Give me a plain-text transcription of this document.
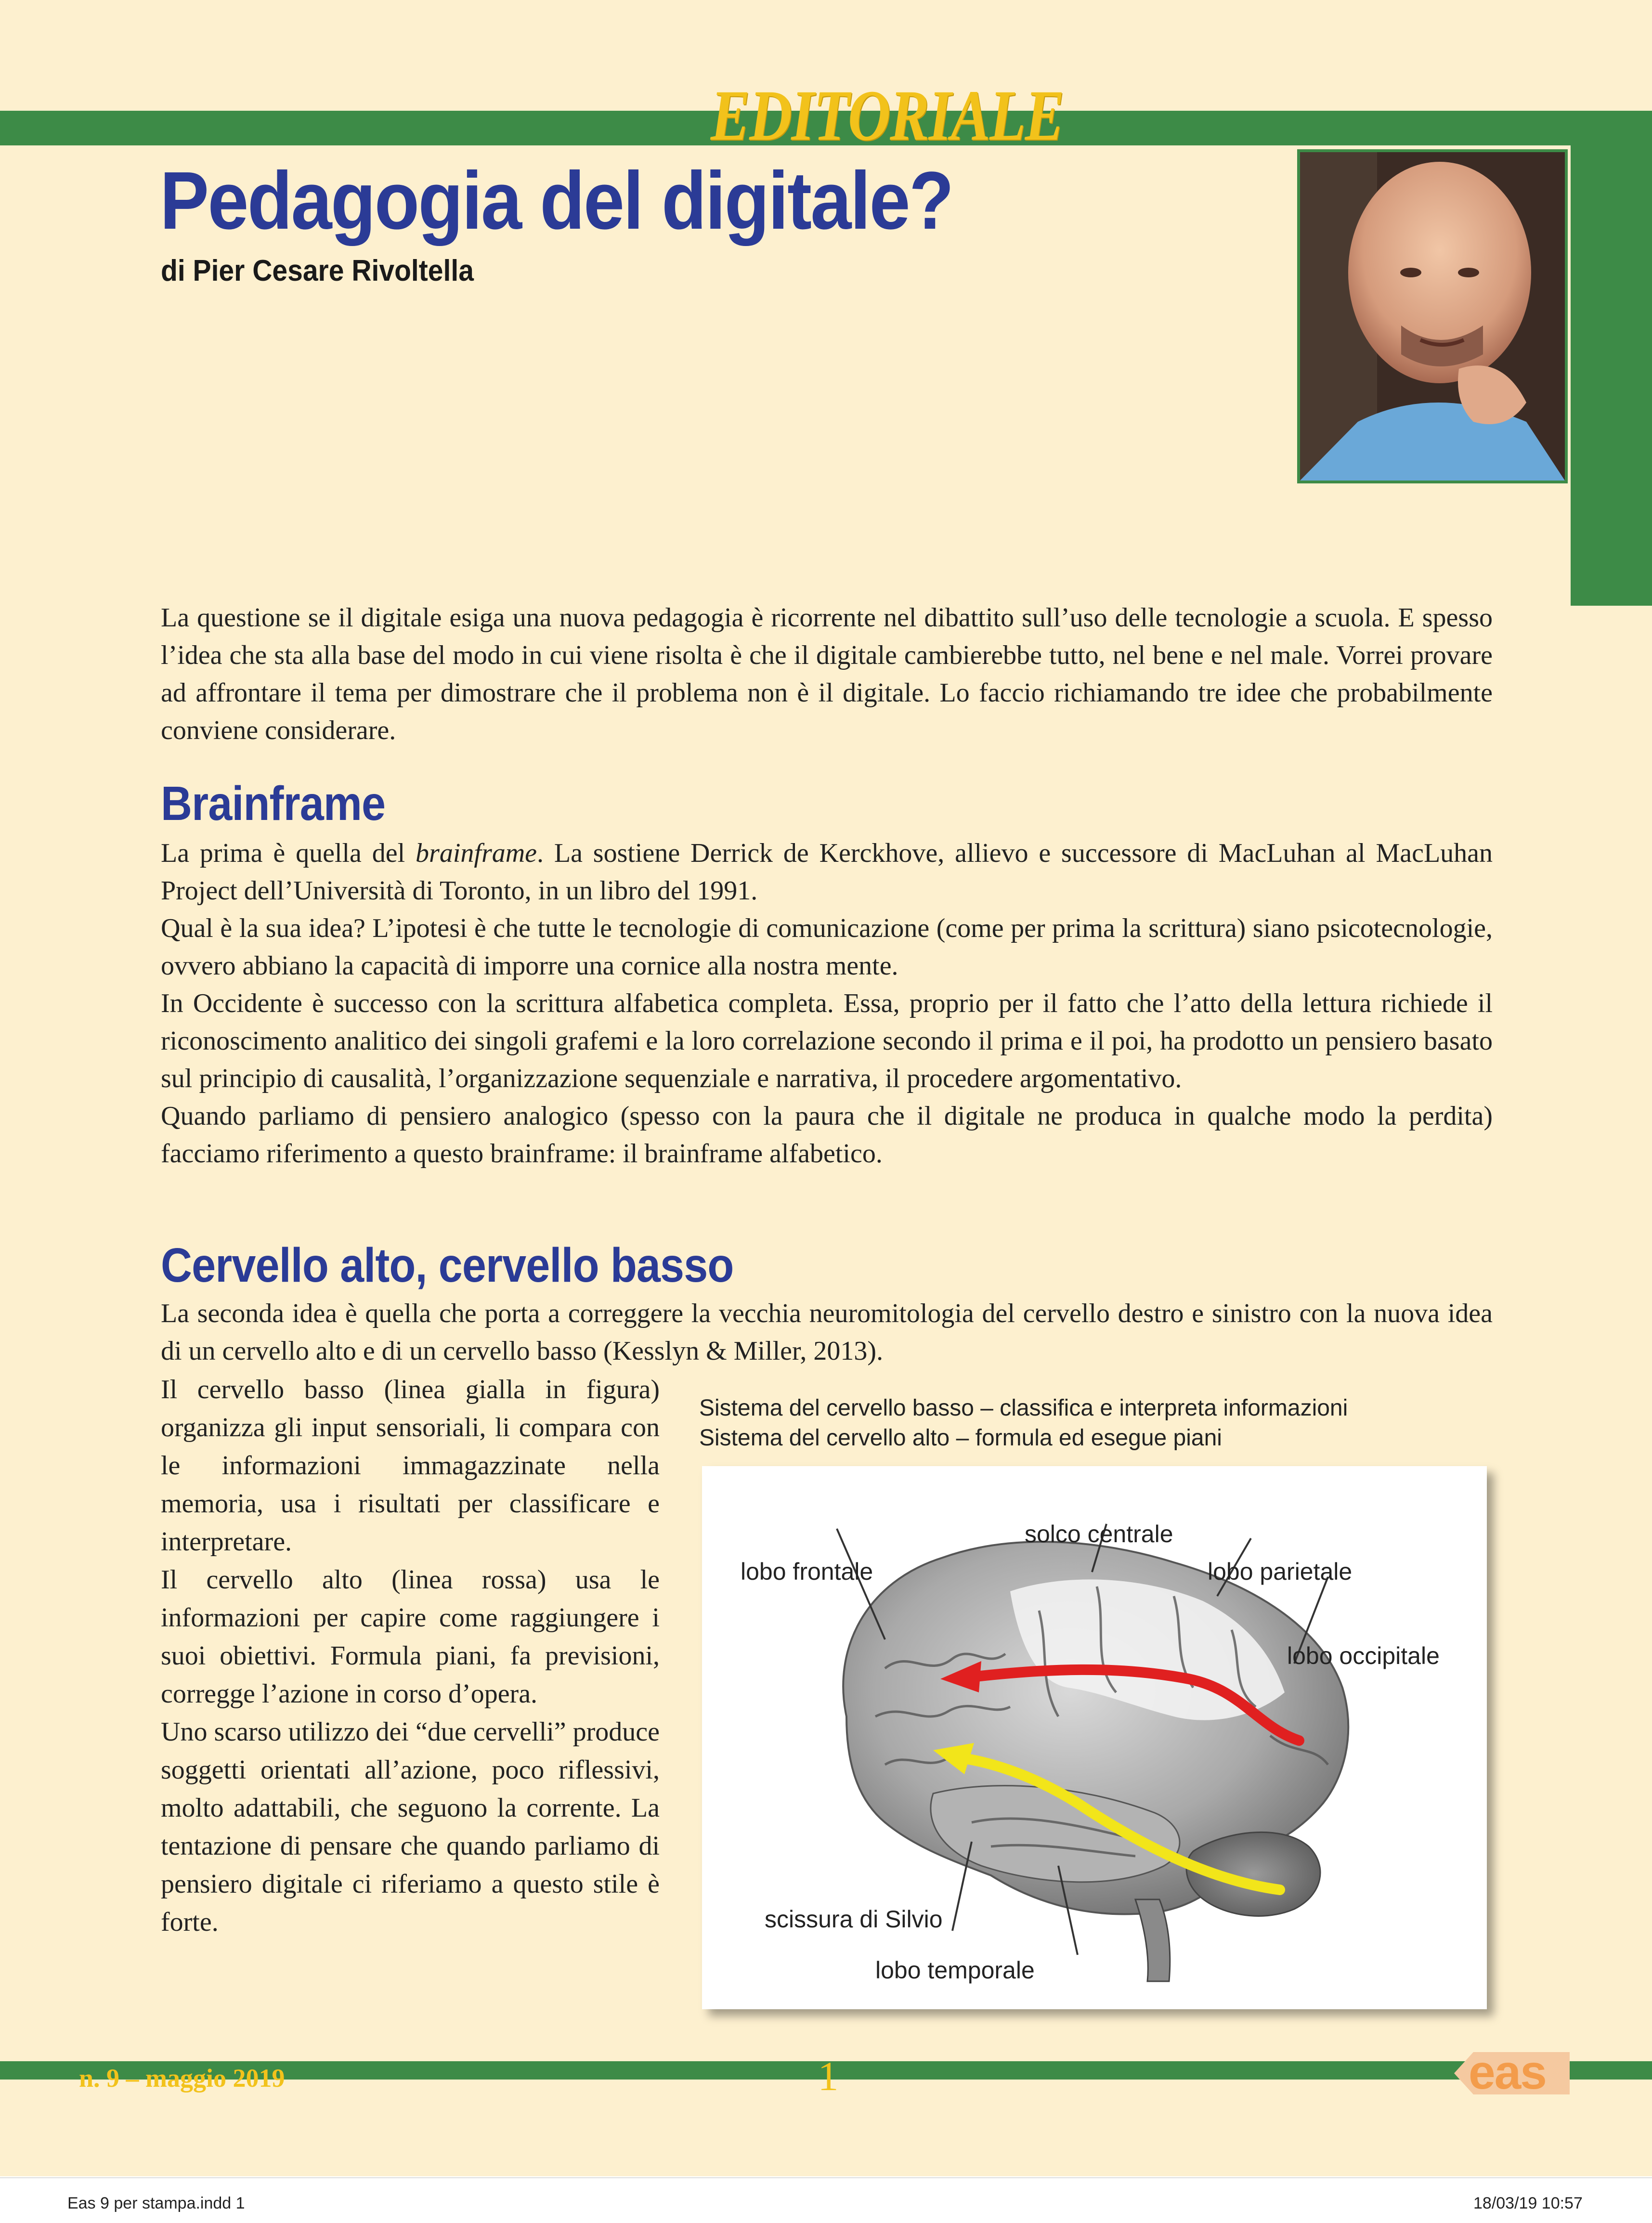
EDITORIALE
Pedagogia del digitale?
di Pier Cesare Rivoltella

La questione se il digitale esiga una nuova pedagogia è ricorrente nel dibattito sull’uso delle tecnologie a scuola. E spesso l’idea che sta alla base del modo in cui viene risolta è che il digitale cambierebbe tutto, nel bene e nel male. Vorrei provare ad affrontare il tema per dimostrare che il problema non è il digitale. Lo faccio richiamando tre idee che probabilmente conviene considerare.

Brainframe

La prima è quella del brainframe. La sostiene Derrick de Kerckhove, allievo e successore di MacLuhan al MacLuhan Project dell’Università di Toronto, in un libro del 1991.

Qual è la sua idea? L’ipotesi è che tutte le tecnologie di comunicazione (come per prima la scrittura) siano psicotecnologie, ovvero abbiano la capacità di imporre una cornice alla nostra mente.

In Occidente è successo con la scrittura alfabetica completa. Essa, proprio per il fatto che l’atto della lettura richiede il riconoscimento analitico dei singoli grafemi e la loro correlazione secondo il prima e il poi, ha prodotto un pensiero basato sul principio di causalità, l’organizzazione sequenziale e narrativa, il procedere argomentativo.

Quando parliamo di pensiero analogico (spesso con la paura che il digitale ne produca in qualche modo la perdita) facciamo riferimento a questo brainframe: il brainframe alfabetico.

Cervello alto, cervello basso

La seconda idea è quella che porta a correggere la vecchia neuromitologia del cervello destro e sinistro con la nuova idea di un cervello alto e di un cervello basso (Kesslyn & Miller, 2013).

Il cervello basso (linea gialla in figura) organizza gli input sensoriali, li compara con le informazioni immagazzinate nella memoria, usa i risultati per classificare e interpretare.

Il cervello alto (linea rossa) usa le informazioni per capire come raggiungere i suoi obiettivi. Formula piani, fa previsioni, corregge l’azione in corso d’opera.

Uno scarso utilizzo dei “due cervelli” produce soggetti orientati all’azione, poco riflessivi, molto adattabili, che seguono la corrente. La tentazione di pensare che quando parliamo di pensiero digitale ci riferiamo a questo stile è forte.

Sistema del cervello basso – classifica e interpreta informazioni
Sistema del cervello alto – formula ed esegue piani
solco centrale
lobo frontale	lobo parietale
lobo occipitale
scissura di Silvio
lobo temporale
n. 9 – maggio 2019	1	eas
Eas 9 per stampa.indd 1	18/03/19 10:57
